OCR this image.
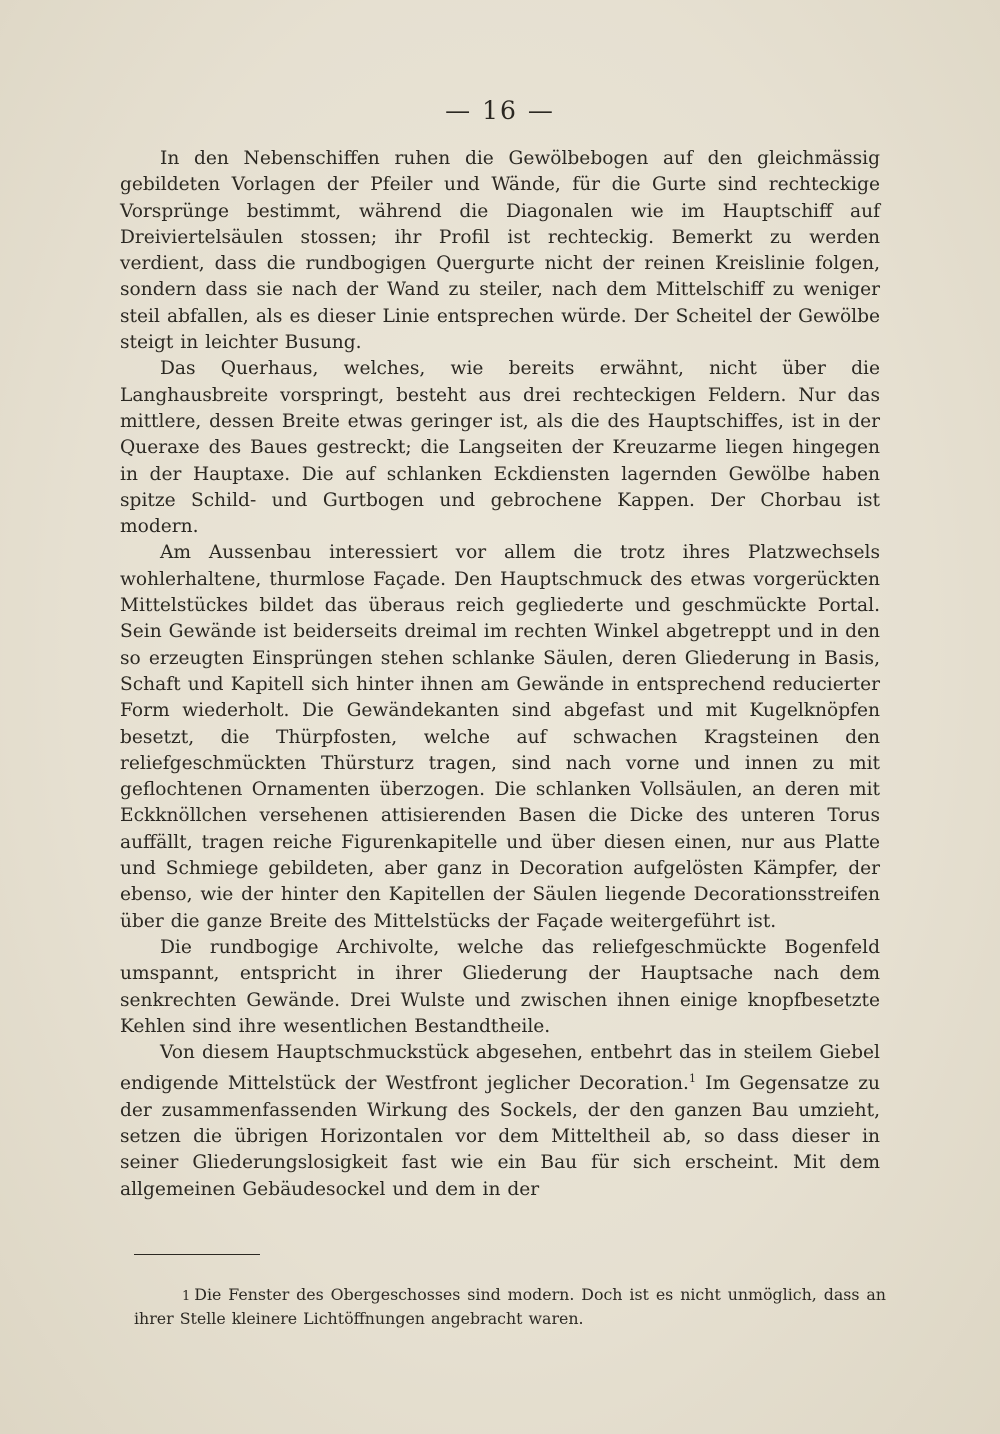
— 16 —

In den Nebenschiffen ruhen die Gewölbebogen auf den gleichmässig gebildeten Vorlagen der Pfeiler und Wände, für die Gurte sind rechteckige Vorsprünge bestimmt, während die Diagonalen wie im Hauptschiff auf Dreiviertelsäulen stossen; ihr Profil ist rechteckig. Bemerkt zu werden verdient, dass die rundbogigen Quergurte nicht der reinen Kreislinie folgen, sondern dass sie nach der Wand zu steiler, nach dem Mittelschiff zu weniger steil abfallen, als es dieser Linie entsprechen würde. Der Scheitel der Gewölbe steigt in leichter Busung.

Das Querhaus, welches, wie bereits erwähnt, nicht über die Langhausbreite vorspringt, besteht aus drei rechteckigen Feldern. Nur das mittlere, dessen Breite etwas geringer ist, als die des Hauptschiffes, ist in der Queraxe des Baues gestreckt; die Langseiten der Kreuzarme liegen hingegen in der Hauptaxe. Die auf schlanken Eckdiensten lagernden Gewölbe haben spitze Schild- und Gurtbogen und gebrochene Kappen. Der Chorbau ist modern.

Am Aussenbau interessiert vor allem die trotz ihres Platzwechsels wohlerhaltene, thurmlose Façade. Den Hauptschmuck des etwas vorgerückten Mittelstückes bildet das überaus reich gegliederte und geschmückte Portal. Sein Gewände ist beiderseits dreimal im rechten Winkel abgetreppt und in den so erzeugten Einsprüngen stehen schlanke Säulen, deren Gliederung in Basis, Schaft und Kapitell sich hinter ihnen am Gewände in entsprechend reducierter Form wiederholt. Die Gewändekanten sind abgefast und mit Kugelknöpfen besetzt, die Thürpfosten, welche auf schwachen Kragsteinen den reliefgeschmückten Thürsturz tragen, sind nach vorne und innen zu mit geflochtenen Ornamenten überzogen. Die schlanken Vollsäulen, an deren mit Eckknöllchen versehenen attisierenden Basen die Dicke des unteren Torus auffällt, tragen reiche Figurenkapitelle und über diesen einen, nur aus Platte und Schmiege gebildeten, aber ganz in Decoration aufgelösten Kämpfer, der ebenso, wie der hinter den Kapitellen der Säulen liegende Decorationsstreifen über die ganze Breite des Mittelstücks der Façade weitergeführt ist.

Die rundbogige Archivolte, welche das reliefgeschmückte Bogenfeld umspannt, entspricht in ihrer Gliederung der Hauptsache nach dem senkrechten Gewände. Drei Wulste und zwischen ihnen einige knopfbesetzte Kehlen sind ihre wesentlichen Bestandtheile.

Von diesem Hauptschmuckstück abgesehen, entbehrt das in steilem Giebel endigende Mittelstück der Westfront jeglicher Decoration.$^1$ Im Gegensatze zu der zusammenfassenden Wirkung des Sockels, der den ganzen Bau umzieht, setzen die übrigen Horizontalen vor dem Mitteltheil ab, so dass dieser in seiner Gliederungslosigkeit fast wie ein Bau für sich erscheint. Mit dem allgemeinen Gebäudesockel und dem in der

1 Die Fenster des Obergeschosses sind modern. Doch ist es nicht unmöglich, dass an ihrer Stelle kleinere Lichtöffnungen angebracht waren.
